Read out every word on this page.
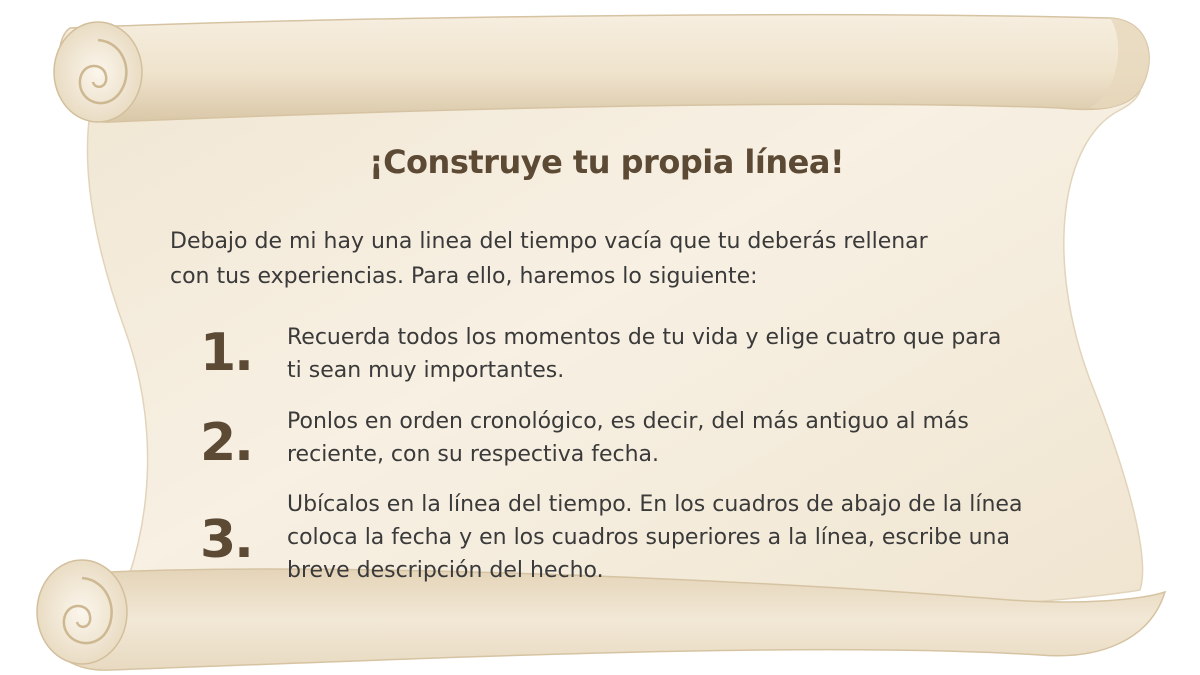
¡Construye tu propia línea!

Debajo de mi hay una linea del tiempo vacía que tu deberás rellenar
con tus experiencias. Para ello, haremos lo siguiente:

1.	Recuerda todos los momentos de tu vida y elige cuatro que para
ti sean muy importantes.
2.	Ponlos en orden cronológico, es decir, del más antiguo al más
reciente, con su respectiva fecha.
3.
Ubícalos en la línea del tiempo. En los cuadros de abajo de la línea
coloca la fecha y en los cuadros superiores a la línea, escribe una
breve descripción del hecho.
